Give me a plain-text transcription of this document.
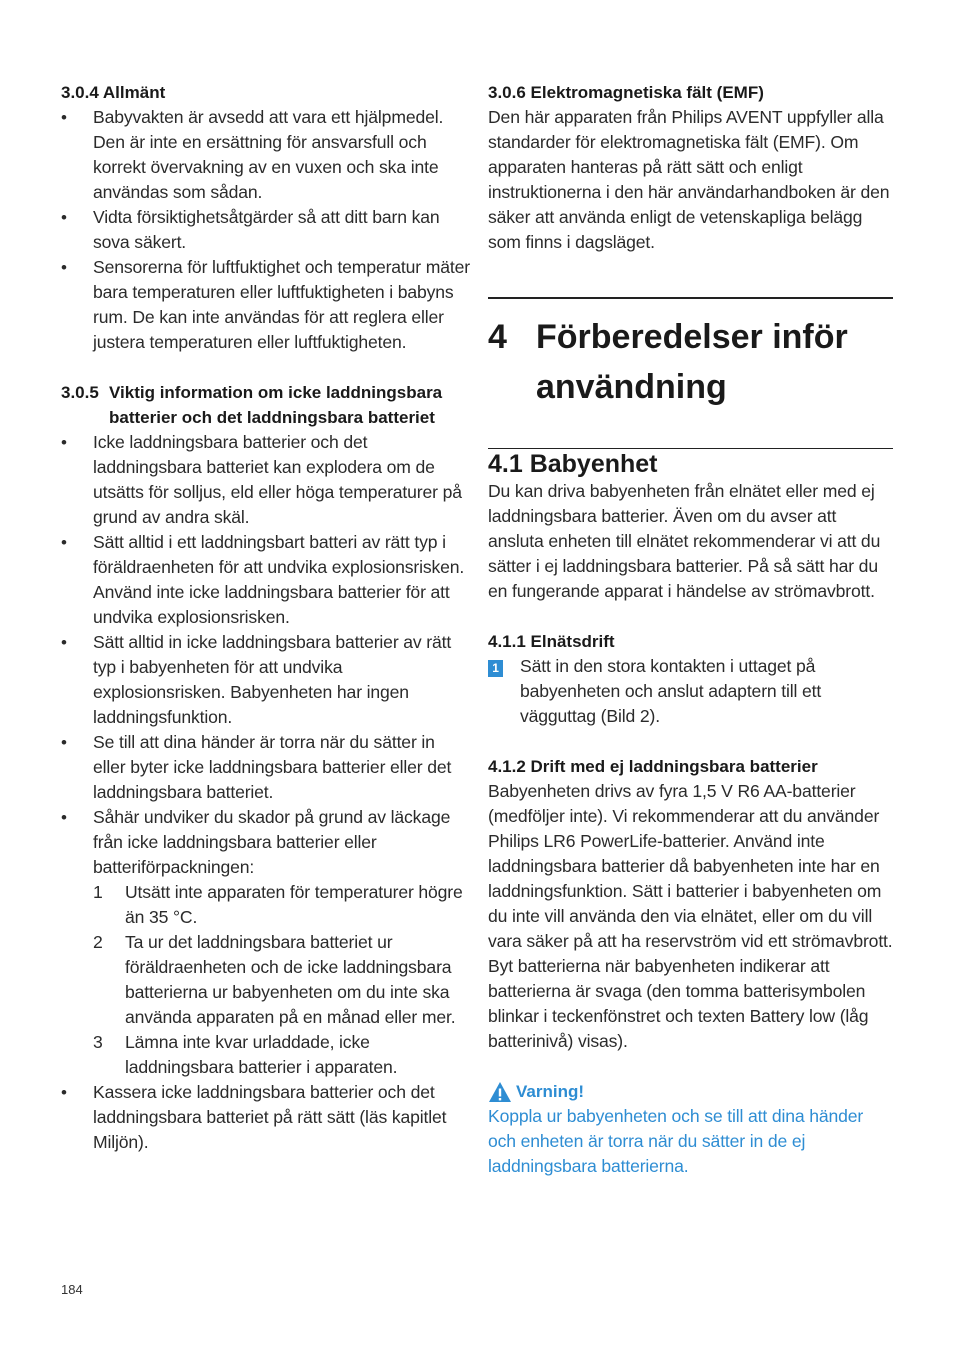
3.0.4 Allmänt
• Babyvakten är avsedd att vara ett hjälpmedel. Den är inte en ersättning för ansvarsfull och korrekt övervakning av en vuxen och ska inte användas som sådan.
• Vidta försiktighetsåtgärder så att ditt barn kan sova säkert.
• Sensorerna för luftfuktighet och temperatur mäter bara temperaturen eller luftfuktigheten i babyns rum. De kan inte användas för att reglera eller justera temperaturen eller luftfuktigheten.
3.0.5 Viktig information om icke laddningsbara batterier och det laddningsbara batteriet
• Icke laddningsbara batterier och det laddningsbara batteriet kan explodera om de utsätts för solljus, eld eller höga temperaturer på grund av andra skäl.
• Sätt alltid i ett laddningsbart batteri av rätt typ i föräldraenheten för att undvika explosionsrisken. Använd inte icke laddningsbara batterier för att undvika explosionsrisken.
• Sätt alltid in icke laddningsbara batterier av rätt typ i babyenheten för att undvika explosionsrisken. Babyenheten har ingen laddningsfunktion.
• Se till att dina händer är torra när du sätter in eller byter icke laddningsbara batterier eller det laddningsbara batteriet.
• Såhär undviker du skador på grund av läckage från icke laddningsbara batterier eller batteriförpackningen:
1 Utsätt inte apparaten för temperaturer högre än 35 °C.
2 Ta ur det laddningsbara batteriet ur föräldraenheten och de icke laddningsbara batterierna ur babyenheten om du inte ska använda apparaten på en månad eller mer.
3 Lämna inte kvar urladdade, icke laddningsbara batterier i apparaten.
• Kassera icke laddningsbara batterier och det laddningsbara batteriet på rätt sätt (läs kapitlet Miljön).
3.0.6 Elektromagnetiska fält (EMF)

Den här apparaten från Philips AVENT uppfyller alla standarder för elektromagnetiska fält (EMF). Om apparaten hanteras på rätt sätt och enligt instruktionerna i den här användarhandboken är den säker att använda enligt de vetenskapliga belägg som finns i dagsläget.

4 Förberedelser inför användning
4.1 Babyenhet

Du kan driva babyenheten från elnätet eller med ej laddningsbara batterier. Även om du avser att ansluta enheten till elnätet rekommenderar vi att du sätter i ej laddningsbara batterier. På så sätt har du en fungerande apparat i händelse av strömavbrott.

4.1.1 Elnätsdrift
1	Sätt in den stora kontakten i uttaget på babyenheten och anslut adaptern till ett vägguttag (Bild 2).
4.1.2 Drift med ej laddningsbara batterier

Babyenheten drivs av fyra 1,5 V R6 AA-batterier (medföljer inte). Vi rekommenderar att du använder Philips LR6 PowerLife-batterier. Använd inte laddningsbara batterier då babyenheten inte har en laddningsfunktion. Sätt i batterier i babyenheten om du inte vill använda den via elnätet, eller om du vill vara säker på att ha reservström vid ett strömavbrott. Byt batterierna när babyenheten indikerar att batterierna är svaga (den tomma batterisymbolen blinkar i teckenfönstret och texten Battery low (låg batterinivå) visas).

Varning!

Koppla ur babyenheten och se till att dina händer och enheten är torra när du sätter in de ej laddningsbara batterierna.

184
